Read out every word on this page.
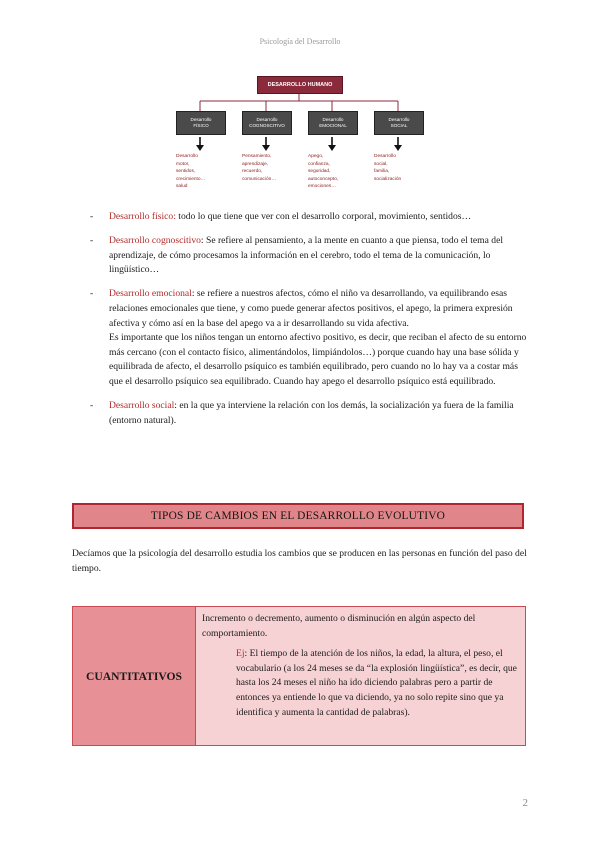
Psicología del Desarrollo
DESARROLLO HUMANO
Desarrollo
FÍSICO
Desarrollo
COGNOSCITIVO
Desarrollo
EMOCIONAL
Desarrollo
SOCIAL
Desarrollo
motor,
sentidos,
crecimiento…
salud
Pensamiento,
aprendizaje,
recuerdo,
comunicación…
Apego,
confianza,
seguridad,
autoconcepto,
emociones…
Desarrollo
social,
familia,
socialización
-	Desarrollo físico: todo lo que tiene que ver con el desarrollo corporal, movimiento, sentidos…
-	Desarrollo cognoscitivo: Se refiere al pensamiento, a la mente en cuanto a que piensa, todo el tema del aprendizaje, de cómo procesamos la información en el cerebro, todo el tema de la comunicación, lo lingüístico…
-	Desarrollo emocional: se refiere a nuestros afectos, cómo el niño va desarrollando, va equilibrando esas relaciones emocionales que tiene, y como puede generar afectos positivos, el apego, la primera expresión afectiva y cómo así en la base del apego va a ir desarrollando su vida afectiva.
Es importante que los niños tengan un entorno afectivo positivo, es decir, que reciban el afecto de su entorno más cercano (con el contacto físico, alimentándolos, limpiándolos…) porque cuando hay una base sólida y equilibrada de afecto, el desarrollo psíquico es también equilibrado, pero cuando no lo hay va a costar más que el desarrollo psíquico sea equilibrado. Cuando hay apego el desarrollo psíquico está equilibrado.
-	Desarrollo social: en la que ya interviene la relación con los demás, la socialización ya fuera de la familia (entorno natural).
TIPOS DE CAMBIOS EN EL DESARROLLO EVOLUTIVO
Decíamos que la psicología del desarrollo estudia los cambios que se producen en las personas en función del paso del tiempo.
CUANTITATIVOS
Incremento o decremento, aumento o disminución en algún aspecto del comportamiento.
Ej: El tiempo de la atención de los niños, la edad, la altura, el peso, el vocabulario (a los 24 meses se da “la explosión lingüística”, es decir, que hasta los 24 meses el niño ha ido diciendo palabras pero a partir de entonces ya entiende lo que va diciendo, ya no solo repite sino que ya identifica y aumenta la cantidad de palabras).
2
